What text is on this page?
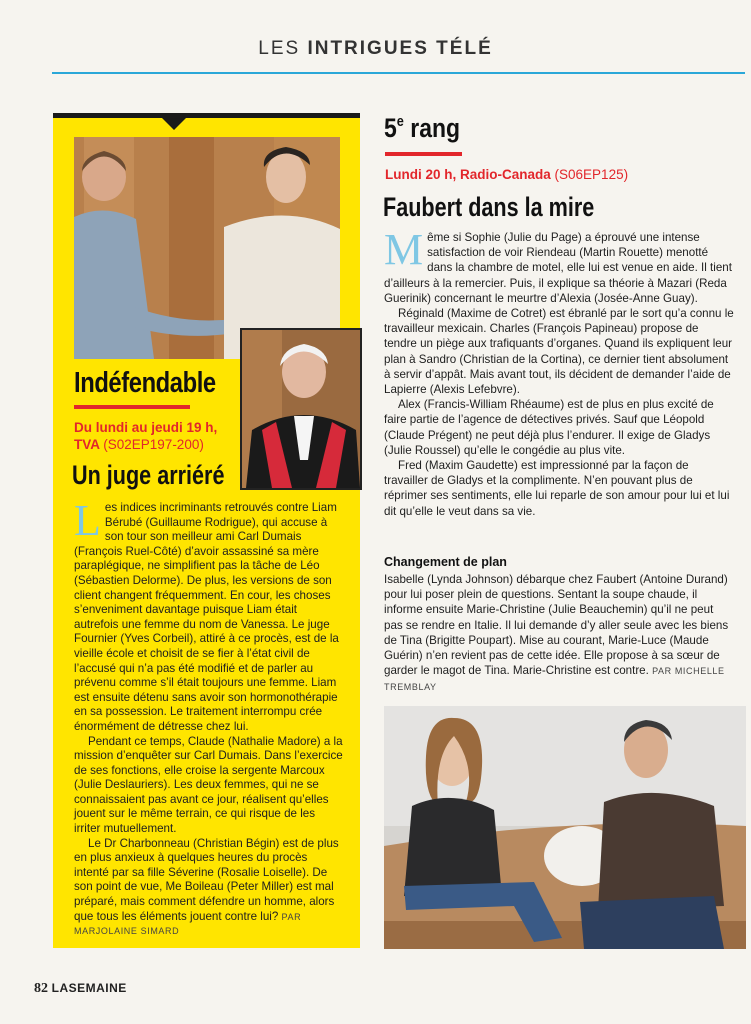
LES INTRIGUES TÉLÉ
Indéfendable
Du lundi au jeudi 19 h,
TVA (S02EP197-200)
Un juge arriéré

Les indices incriminants retrouvés contre Liam Bérubé (Guillaume Rodrigue), qui accuse à son tour son meilleur ami Carl Dumais (François Ruel-Côté) d’avoir assassiné sa mère paraplégique, ne simplifient pas la tâche de Léo (Sébastien Delorme). De plus, les versions de son client changent fréquemment. En cour, les choses s’enveniment davantage puisque Liam était autrefois une femme du nom de Vanessa. Le juge Fournier (Yves Corbeil), attiré à ce procès, est de la vieille école et choisit de se fier à l’état civil de l’accusé qui n’a pas été modifié et de parler au prévenu comme s’il était toujours une femme. Liam est ensuite détenu sans avoir son hormonothérapie en sa possession. Le traitement interrompu crée énormément de détresse chez lui.

Pendant ce temps, Claude (Nathalie Madore) a la mission d’enquêter sur Carl Dumais. Dans l’exercice de ses fonctions, elle croise la sergente Marcoux (Julie Deslauriers). Les deux femmes, qui ne se connaissaient pas avant ce jour, réalisent qu’elles jouent sur le même terrain, ce qui risque de les irriter mutuellement.

Le Dr Charbonneau (Christian Bégin) est de plus en plus anxieux à quelques heures du procès intenté par sa fille Séverine (Rosalie Loiselle). De son point de vue, Me Boileau (Peter Miller) est mal préparé, mais comment défendre un homme, alors que tous les éléments jouent contre lui? PAR MARJOLAINE SIMARD

5e rang
Lundi 20 h, Radio-Canada (S06EP125)
Faubert dans la mire

Même si Sophie (Julie du Page) a éprouvé une intense satisfaction de voir Riendeau (Martin Rouette) menotté dans la chambre de motel, elle lui est venue en aide. Il tient d’ailleurs à la remercier. Puis, il explique sa théorie à Mazari (Reda Guerinik) concernant le meurtre d’Alexia (Josée-Anne Guay).

Réginald (Maxime de Cotret) est ébranlé par le sort qu’a connu le travailleur mexicain. Charles (François Papineau) propose de tendre un piège aux trafiquants d’organes. Quand ils expliquent leur plan à Sandro (Christian de la Cortina), ce dernier tient absolument à servir d’appât. Mais avant tout, ils décident de demander l’aide de Lapierre (Alexis Lefebvre).

Alex (Francis-William Rhéaume) est de plus en plus excité de faire partie de l’agence de détectives privés. Sauf que Léopold (Claude Prégent) ne peut déjà plus l’endurer. Il exige de Gladys (Julie Roussel) qu’elle le congédie au plus vite.

Fred (Maxim Gaudette) est impressionné par la façon de travailler de Gladys et la complimente. N’en pouvant plus de réprimer ses sentiments, elle lui reparle de son amour pour lui et lui dit qu’elle le veut dans sa vie.

Changement de plan

Isabelle (Lynda Johnson) débarque chez Faubert (Antoine Durand) pour lui poser plein de questions. Sentant la soupe chaude, il informe ensuite Marie-Christine (Julie Beauchemin) qu’il ne peut pas se rendre en Italie. Il lui demande d’y aller seule avec les biens de Tina (Brigitte Poupart). Mise au courant, Marie-Luce (Maude Guérin) n’en revient pas de cette idée. Elle propose à sa sœur de garder le magot de Tina. Marie-Christine est contre. PAR MICHELLE TREMBLAY

82 LASEMAINE
